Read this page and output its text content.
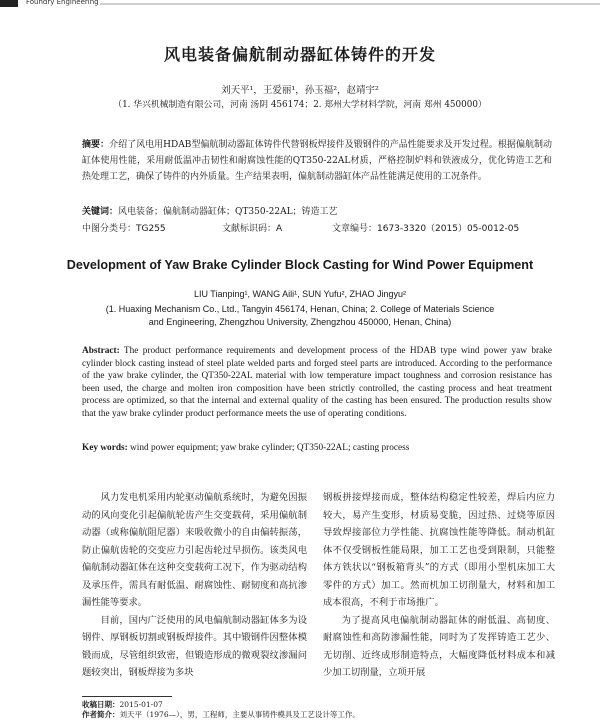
Foundry Engineering
风电装备偏航制动器缸体铸件的开发
刘天平¹，王爱丽¹，孙玉福²，赵靖宇²
（1. 华兴机械制造有限公司，河南 汤阴 456174；2. 郑州大学材料学院，河南 郑州 450000）
摘要：介绍了风电用HDAB型偏航制动器缸体铸件代替钢板焊接件及锻钢件的产品性能要求及开发过程。根据偏航制动缸体使用性能，采用耐低温冲击韧性和耐腐蚀性能的QT350-22AL材质，严格控制炉料和铁液成分，优化铸造工艺和热处理工艺，确保了铸件的内外质量。生产结果表明，偏航制动器缸体产品性能满足使用的工况条件。
关键词：风电装备；偏航制动器缸体；QT350-22AL；铸造工艺
中图分类号：TG255	文献标识码：A	文章编号：1673-3320（2015）05-0012-05
Development of Yaw Brake Cylinder Block Casting for Wind Power Equipment
LIU Tianping¹, WANG Aili¹, SUN Yufu², ZHAO Jingyu²
(1. Huaxing Mechanism Co., Ltd., Tangyin 456174, Henan, China; 2. College of Materials Science and Engineering, Zhengzhou University, Zhengzhou 450000, Henan, China)
Abstract: The product performance requirements and development process of the HDAB type wind power yaw brake cylinder block casting instead of steel plate welded parts and forged steel parts are introduced. According to the performance of the yaw brake cylinder, the QT350-22AL material with low temperature impact toughness and corrosion resistance has been used, the charge and molten iron composition have been strictly controlled, the casting process and heat treatment process are optimized, so that the internal and external quality of the casting has been ensured. The production results show that the yaw brake cylinder product performance meets the use of operating conditions.
Key words: wind power equipment; yaw brake cylinder; QT350-22AL; casting process

风力发电机采用内轮驱动偏航系统时，为避免因振动的风向变化引起偏航轮齿产生交变载荷，采用偏航制动器（或称偏航阻尼器）来吸收微小的自由偏转振荡，防止偏航齿轮的交变应力引起齿轮过早损伤。该类风电偏航制动器缸体在这种交变载荷工况下，作为驱动结构及承压件，需具有耐低温、耐腐蚀性、耐韧度和高抗渗漏性能等要求。

目前，国内广泛使用的风电偏航制动器缸体多为设钢件、厚钢板切割或钢板焊接件。其中锻钢件因整体模锻而成，尽管组织致密，但锻造形成的微观裂纹渗漏问题较突出，钢板焊接为多块

钢板拼接焊接而成，整体结构稳定性较差，焊后内应力较大，易产生变形，材质易变脆，因过热、过烧等原因导致焊接部位力学性能、抗腐蚀性能等降低。制动机缸体不仅受钢板性能局限，加工工艺也受到限制，只能整体方铁状以“钢板箱背头”的方式（即用小型机床加工大零件的方式）加工。然而机加工切削量大，材料和加工成本很高，不利于市场推广。

为了提高风电偏航制动器缸体的耐低温、高韧度、耐腐蚀性和高防渗漏性能，同时为了发挥铸造工艺少、无切削、近终成形制造特点，大幅度降低材料成本和减少加工切削量，立项开展

收稿日期：2015-01-07
作者简介：刘天平（1976—），男，工程师，主要从事铸件模具及工艺设计等工作。
